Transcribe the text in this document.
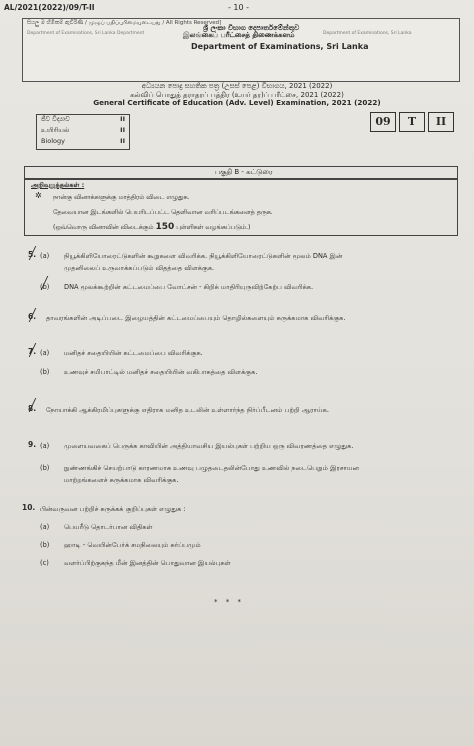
AL/2021(2022)/09/T-II	- 10 -
සියලු ම හිමිකම් ඇවිරිණි / முழுப் பதிப்புரிமையுடையது / All Rights Reserved]
Department of Examinations, Sri Lanka Department	Department of Examinations, Sri Lanka
ශ්‍රී ලංකා විභාග දෙපාර්තමේන්තුව
இலங்கைப் பரீட்சைத் திணைக்களம்
Department of Examinations, Sri Lanka
අධ්‍යයන පොදු සහතික පත්‍ර (උසස් පෙළ) විභාගය, 2021 (2022)
கல்விப் பொதுத் தராதரப் பத்திர (உயர் தர)ப் பரீட்சை, 2021 (2022)
General Certificate of Education (Adv. Level) Examination, 2021 (2022)
ජීව විද්‍යාව	II
உயிரியல்	II
Biology	II
09	T	II
பகுதி B - கட்டுரை
அறிவுறுத்தல்கள் :
✲ நான்கு வினாக்களுக்கு மாத்திரம் விடை எழுதுக.
தேவையான இடங்களில் பெயரிடப்பட்ட தெளிவான வரிப்படங்களைத் தருக.
(ஒவ்வொரு வினாவின் விடைக்கும் 150 புள்ளிகள் வழங்கப்படும்.)
5. (a) நியூக்கிளியோரைட்டுகளின் கூறுகளை விவரிக்க. நியூக்கிளியோரைட்டுகளின் மூலம் DNA இன்
முதனிலைப் உருவாக்கப்படும் விதத்தை விளக்குக.
(b) DNA மூலக்கூற்றின் கட்டமைப்பை வோட்சன் - கிறிக் மாதிரியுருவிற்கேற்ப விவரிக்க.
6. தாவரங்களின் அடிப்படை இழையத்தின் கட்டமைப்பையும் தொழில்களையும் சுருக்கமாக விவரிக்குக.
7. (a) மனிதச் சதையியின் கட்டமைப்பை விவரிக்குக.
(b) உணவுச் சமிபாட்டில் மனிதச் சதையியின் வகிபாகத்தை விளக்குக.
8. நோயாக்கி ஆக்கிரமிப்புகளுக்கு எதிராக மனித உடலின் உள்ளார்ந்த நிர்ப்பீடனம் பற்றி ஆராய்க.
9. (a) முளையவகைப் பெருக்க காவியின் அத்தியாவசிய இயல்புகள் பற்றிய ஒரு விவரணத்தை எழுதுக.
(b) நுண்ணங்கிச் செயற்பாடு காரணமாக உணவு பழுதடைதலின்போது உணவில் நடைபெறும் இரசாயன
மாற்றங்களைச் சுருக்கமாக விவரிக்குக.
10. பின்வருவன பற்றிச் சுருக்கக் குறிப்புகள் எழுதுக :
(a) பெயரீடு தொடர்பான விதிகள்
(b) ஹாடி - வெயின்பேர்க் சமநிலையும் சுர்ப்பமும்
(c) வளர்ப்பிற்குகந்த மீன் இனத்தின் பொதுவான இயல்புகள்
* * *
